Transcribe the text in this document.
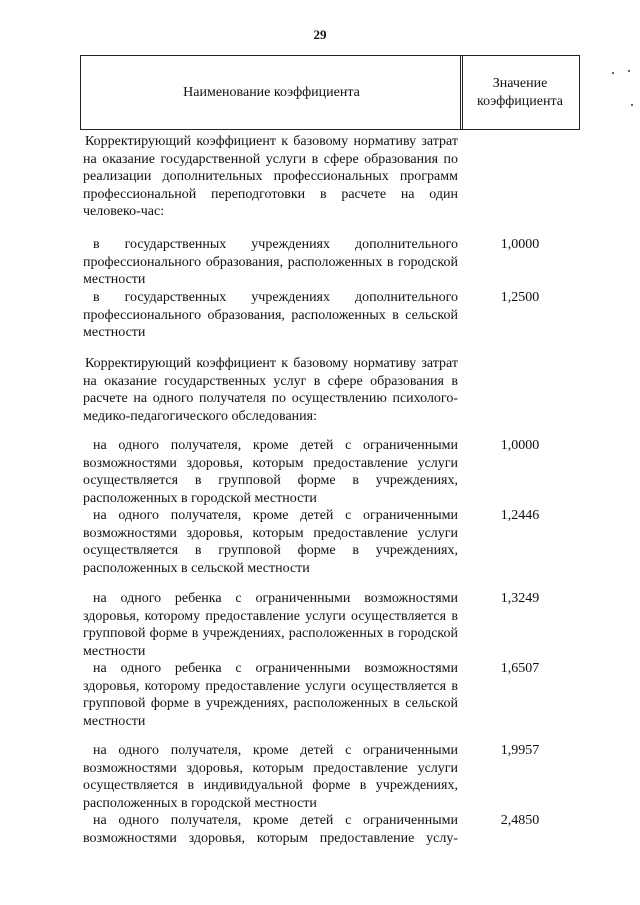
29
Наименование коэффициента
Значение коэффициента
Корректирующий коэффициент к базовому нормативу затрат на оказание государственной услуги в сфере образования по реализации дополнительных профессиональных программ профессиональной переподготовки в расчете на один человеко-час:
в государственных учреждениях дополнительного профессионального образования, расположенных в городской местности
1,0000
в государственных учреждениях дополнительного профессионального образования, расположенных в сельской местности
1,2500
Корректирующий коэффициент к базовому нормативу затрат на оказание государственных услуг в сфере образования в расчете на одного получателя по осуществлению психолого-медико-педагогического обследования:
на одного получателя, кроме детей с ограниченными возможностями здоровья, которым предоставление услуги осуществляется в групповой форме в учреждениях, расположенных в городской местности
1,0000
на одного получателя, кроме детей с ограниченными возможностями здоровья, которым предоставление услуги осуществляется в групповой форме в учреждениях, расположенных в сельской местности
1,2446
на одного ребенка с ограниченными возможностями здоровья, которому предоставление услуги осуществляется в групповой форме в учреждениях, расположенных в городской местности
1,3249
на одного ребенка с ограниченными возможностями здоровья, которому предоставление услуги осуществляется в групповой форме в учреждениях, расположенных в сельской местности
1,6507
на одного получателя, кроме детей с ограниченными возможностями здоровья, которым предоставление услуги осуществляется в индивидуальной форме в учреждениях, расположенных в городской местности
1,9957
на одного получателя, кроме детей с ограниченными возможностями здоровья, которым предоставление услу-
2,4850
